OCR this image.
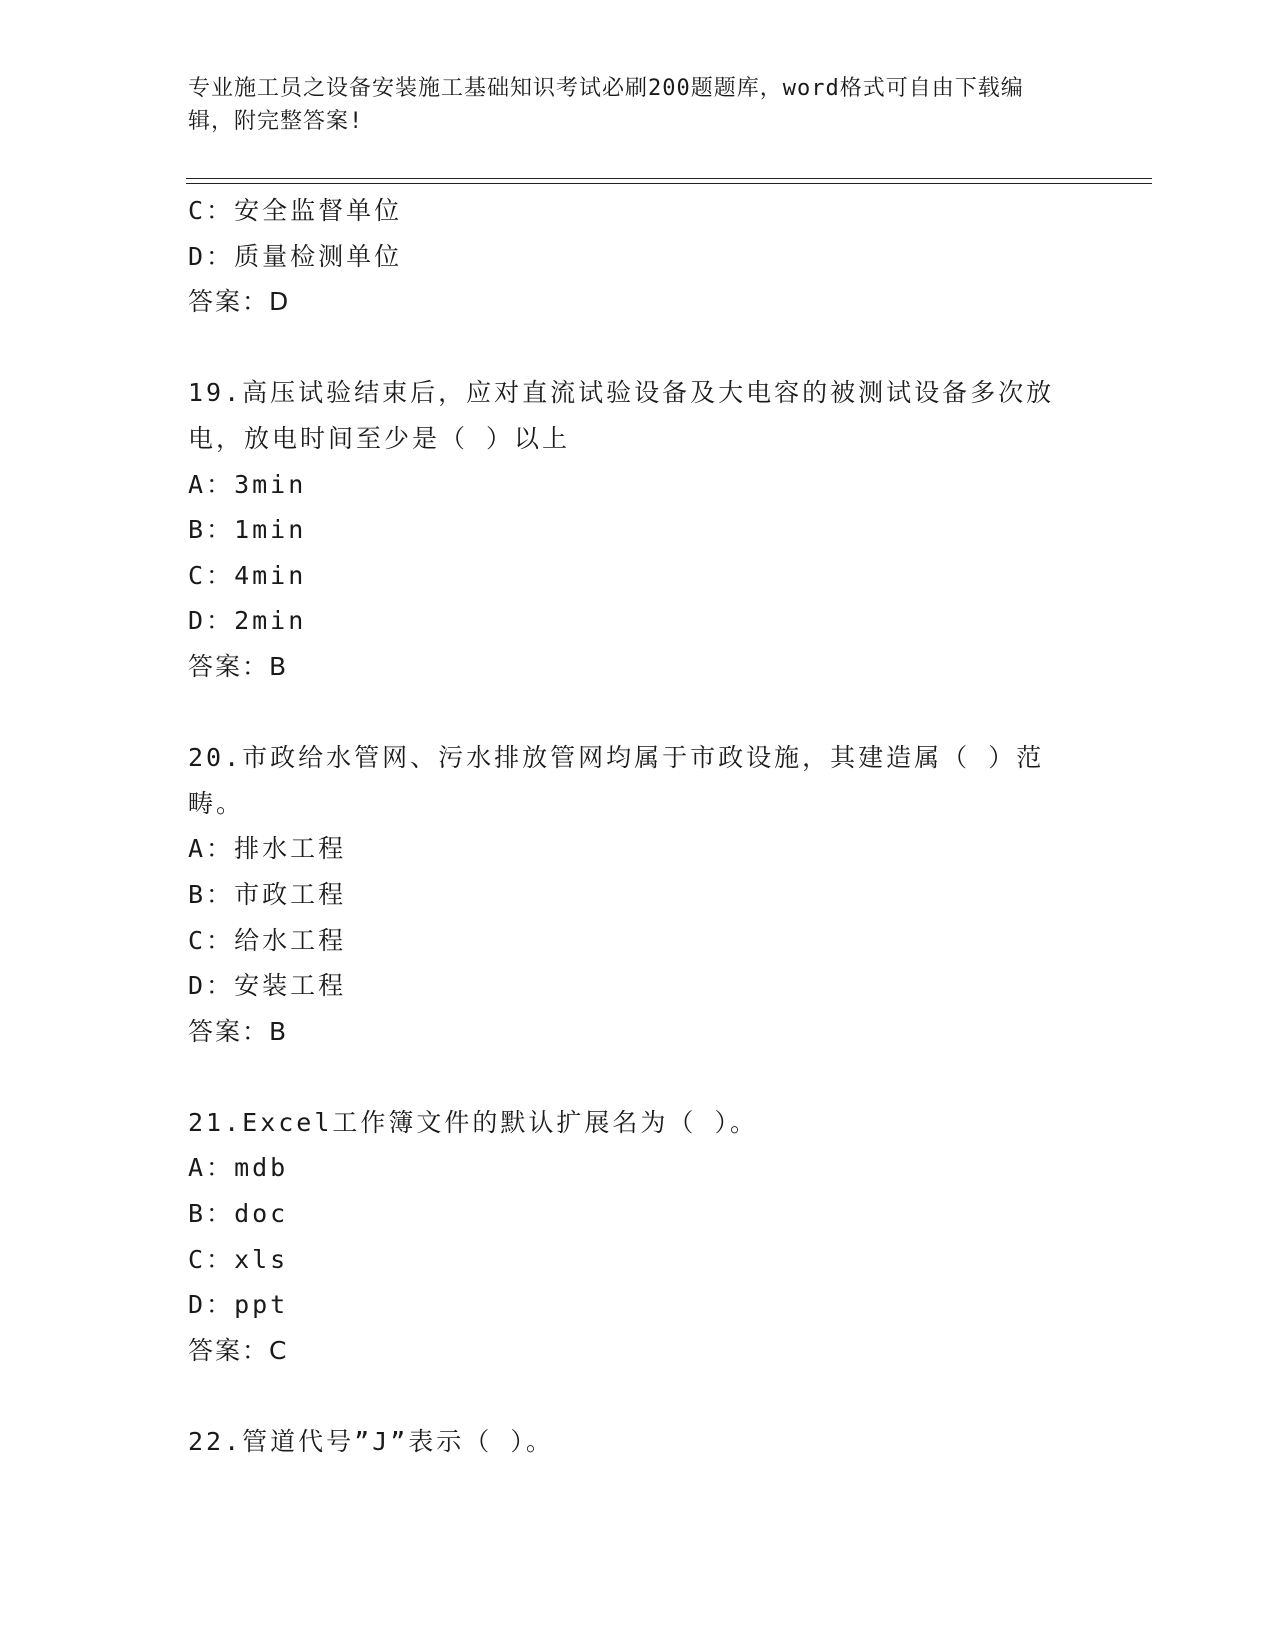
专业施工员之设备安装施工基础知识考试必刷200题题库，word格式可自由下载编辑，附完整答案!

C：安全监督单位

D：质量检测单位

答案：D

19.高压试验结束后，应对直流试验设备及大电容的被测试设备多次放

电，放电时间至少是（ ）以上

A：3min

B：1min

C：4min

D：2min

答案：B

20.市政给水管网、污水排放管网均属于市政设施，其建造属（ ）范

畴。

A：排水工程

B：市政工程

C：给水工程

D：安装工程

答案：B

21.Excel工作簿文件的默认扩展名为（ ）。

A：mdb

B：doc

C：xls

D：ppt

答案：C

22.管道代号”J”表示（ ）。
